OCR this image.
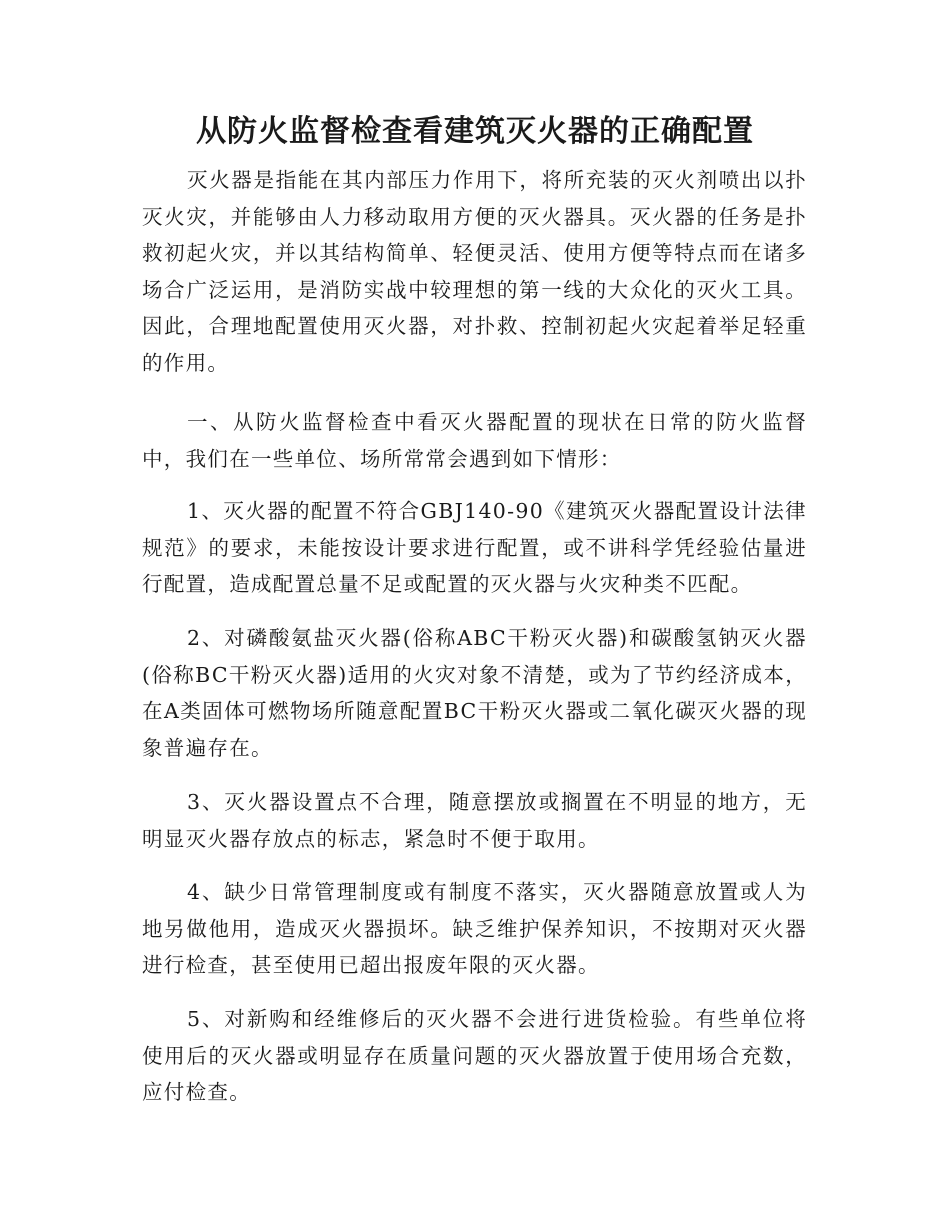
从防火监督检查看建筑灭火器的正确配置

灭火器是指能在其内部压力作用下，将所充装的灭火剂喷出以扑灭火灾，并能够由人力移动取用方便的灭火器具。灭火器的任务是扑救初起火灾，并以其结构简单、轻便灵活、使用方便等特点而在诸多场合广泛运用，是消防实战中较理想的第一线的大众化的灭火工具。因此，合理地配置使用灭火器，对扑救、控制初起火灾起着举足轻重的作用。

一、从防火监督检查中看灭火器配置的现状在日常的防火监督中，我们在一些单位、场所常常会遇到如下情形：

1、灭火器的配置不符合GBJ140-90《建筑灭火器配置设计法律规范》的要求，未能按设计要求进行配置，或不讲科学凭经验估量进行配置，造成配置总量不足或配置的灭火器与火灾种类不匹配。

2、对磷酸氨盐灭火器(俗称ABC干粉灭火器)和碳酸氢钠灭火器(俗称BC干粉灭火器)适用的火灾对象不清楚，或为了节约经济成本，在A类固体可燃物场所随意配置BC干粉灭火器或二氧化碳灭火器的现象普遍存在。

3、灭火器设置点不合理，随意摆放或搁置在不明显的地方，无明显灭火器存放点的标志，紧急时不便于取用。

4、缺少日常管理制度或有制度不落实，灭火器随意放置或人为地另做他用，造成灭火器损坏。缺乏维护保养知识，不按期对灭火器进行检查，甚至使用已超出报废年限的灭火器。

5、对新购和经维修后的灭火器不会进行进货检验。有些单位将使用后的灭火器或明显存在质量问题的灭火器放置于使用场合充数，应付检查。
